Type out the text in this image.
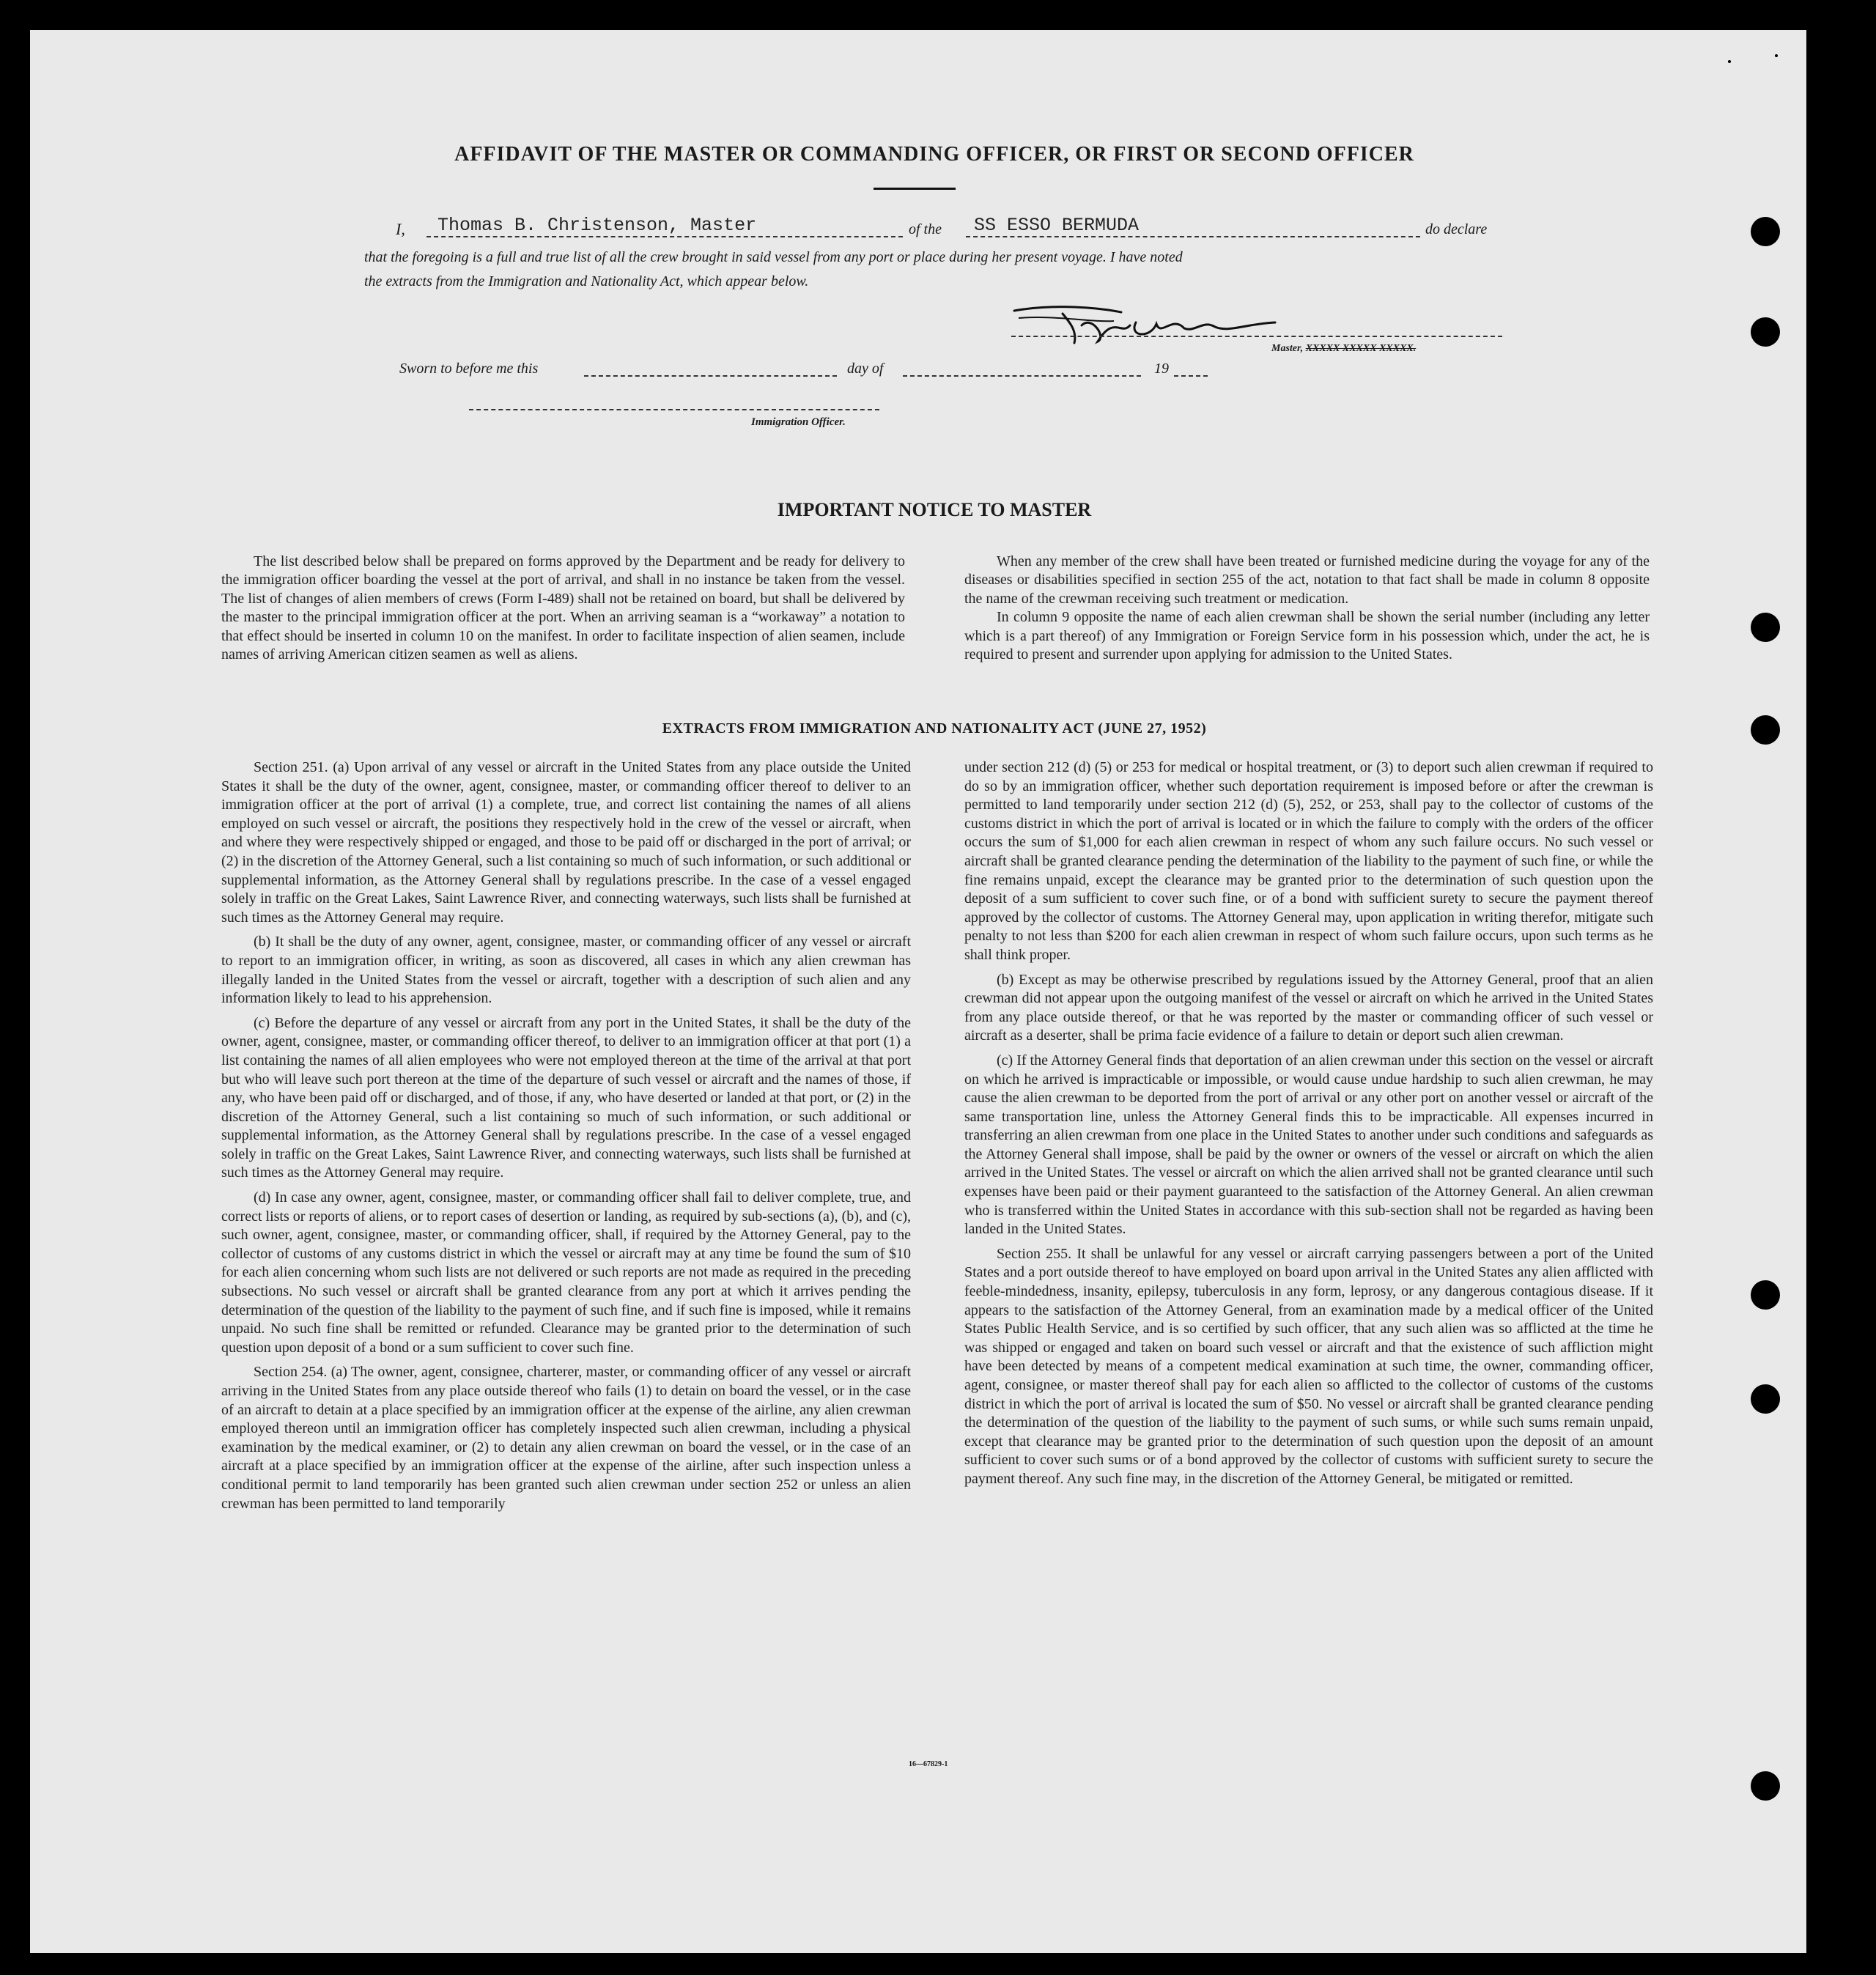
AFFIDAVIT OF THE MASTER OR COMMANDING OFFICER, OR FIRST OR SECOND OFFICER
I, Thomas B. Christenson, Master	of the SS ESSO BERMUDA	do declare
that the foregoing is a full and true list of all the crew brought in said vessel from any port or place during her present voyage. I have noted
the extracts from the Immigration and Nationality Act, which appear below.
Master, XXXXX XXXXX XXXXX.
Sworn to before me this	day of	19
Immigration Officer.
IMPORTANT NOTICE TO MASTER

The list described below shall be prepared on forms approved by the Department and be ready for delivery to the immigration officer boarding the vessel at the port of arrival, and shall in no instance be taken from the vessel. The list of changes of alien members of crews (Form I-489) shall not be retained on board, but shall be delivered by the master to the principal immigration officer at the port. When an arriving seaman is a “workaway” a notation to that effect should be inserted in column 10 on the manifest. In order to facilitate inspection of alien seamen, include names of arriving American citizen seamen as well as aliens.

When any member of the crew shall have been treated or furnished medicine during the voyage for any of the diseases or disabilities specified in section 255 of the act, notation to that fact shall be made in column 8 opposite the name of the crewman receiving such treatment or medication.

In column 9 opposite the name of each alien crewman shall be shown the serial number (including any letter which is a part thereof) of any Immigration or Foreign Service form in his possession which, under the act, he is required to present and surrender upon applying for admission to the United States.

EXTRACTS FROM IMMIGRATION AND NATIONALITY ACT (JUNE 27, 1952)

Section 251. (a) Upon arrival of any vessel or aircraft in the United States from any place outside the United States it shall be the duty of the owner, agent, consignee, master, or commanding officer thereof to deliver to an immigration officer at the port of arrival (1) a complete, true, and correct list containing the names of all aliens employed on such vessel or aircraft, the positions they respectively hold in the crew of the vessel or aircraft, when and where they were respectively shipped or engaged, and those to be paid off or discharged in the port of arrival; or (2) in the discretion of the Attorney General, such a list containing so much of such information, or such additional or supplemental information, as the Attorney General shall by regulations prescribe. In the case of a vessel engaged solely in traffic on the Great Lakes, Saint Lawrence River, and connecting waterways, such lists shall be furnished at such times as the Attorney General may require.

(b) It shall be the duty of any owner, agent, consignee, master, or commanding officer of any vessel or aircraft to report to an immigration officer, in writing, as soon as discovered, all cases in which any alien crewman has illegally landed in the United States from the vessel or aircraft, together with a description of such alien and any information likely to lead to his apprehension.

(c) Before the departure of any vessel or aircraft from any port in the United States, it shall be the duty of the owner, agent, consignee, master, or commanding officer thereof, to deliver to an immigration officer at that port (1) a list containing the names of all alien employees who were not employed thereon at the time of the arrival at that port but who will leave such port thereon at the time of the departure of such vessel or aircraft and the names of those, if any, who have been paid off or discharged, and of those, if any, who have deserted or landed at that port, or (2) in the discretion of the Attorney General, such a list containing so much of such information, or such additional or supplemental information, as the Attorney General shall by regulations prescribe. In the case of a vessel engaged solely in traffic on the Great Lakes, Saint Lawrence River, and connecting waterways, such lists shall be furnished at such times as the Attorney General may require.

(d) In case any owner, agent, consignee, master, or commanding officer shall fail to deliver complete, true, and correct lists or reports of aliens, or to report cases of desertion or landing, as required by sub-sections (a), (b), and (c), such owner, agent, consignee, master, or commanding officer, shall, if required by the Attorney General, pay to the collector of customs of any customs district in which the vessel or aircraft may at any time be found the sum of $10 for each alien concerning whom such lists are not delivered or such reports are not made as required in the preceding subsections. No such vessel or aircraft shall be granted clearance from any port at which it arrives pending the determination of the question of the liability to the payment of such fine, and if such fine is imposed, while it remains unpaid. No such fine shall be remitted or refunded. Clearance may be granted prior to the determination of such question upon deposit of a bond or a sum sufficient to cover such fine.

Section 254. (a) The owner, agent, consignee, charterer, master, or commanding officer of any vessel or aircraft arriving in the United States from any place outside thereof who fails (1) to detain on board the vessel, or in the case of an aircraft to detain at a place specified by an immigration officer at the expense of the airline, any alien crewman employed thereon until an immigration officer has completely inspected such alien crewman, including a physical examination by the medical examiner, or (2) to detain any alien crewman on board the vessel, or in the case of an aircraft at a place specified by an immigration officer at the expense of the airline, after such inspection unless a conditional permit to land temporarily has been granted such alien crewman under section 252 or unless an alien crewman has been permitted to land temporarily

under section 212 (d) (5) or 253 for medical or hospital treatment, or (3) to deport such alien crewman if required to do so by an immigration officer, whether such deportation requirement is imposed before or after the crewman is permitted to land temporarily under section 212 (d) (5), 252, or 253, shall pay to the collector of customs of the customs district in which the port of arrival is located or in which the failure to comply with the orders of the officer occurs the sum of $1,000 for each alien crewman in respect of whom any such failure occurs. No such vessel or aircraft shall be granted clearance pending the determination of the liability to the payment of such fine, or while the fine remains unpaid, except the clearance may be granted prior to the determination of such question upon the deposit of a sum sufficient to cover such fine, or of a bond with sufficient surety to secure the payment thereof approved by the collector of customs. The Attorney General may, upon application in writing therefor, mitigate such penalty to not less than $200 for each alien crewman in respect of whom such failure occurs, upon such terms as he shall think proper.

(b) Except as may be otherwise prescribed by regulations issued by the Attorney General, proof that an alien crewman did not appear upon the outgoing manifest of the vessel or aircraft on which he arrived in the United States from any place outside thereof, or that he was reported by the master or commanding officer of such vessel or aircraft as a deserter, shall be prima facie evidence of a failure to detain or deport such alien crewman.

(c) If the Attorney General finds that deportation of an alien crewman under this section on the vessel or aircraft on which he arrived is impracticable or impossible, or would cause undue hardship to such alien crewman, he may cause the alien crewman to be deported from the port of arrival or any other port on another vessel or aircraft of the same transportation line, unless the Attorney General finds this to be impracticable. All expenses incurred in transferring an alien crewman from one place in the United States to another under such conditions and safeguards as the Attorney General shall impose, shall be paid by the owner or owners of the vessel or aircraft on which the alien arrived in the United States. The vessel or aircraft on which the alien arrived shall not be granted clearance until such expenses have been paid or their payment guaranteed to the satisfaction of the Attorney General. An alien crewman who is transferred within the United States in accordance with this sub-section shall not be regarded as having been landed in the United States.

Section 255. It shall be unlawful for any vessel or aircraft carrying passengers between a port of the United States and a port outside thereof to have employed on board upon arrival in the United States any alien afflicted with feeble-mindedness, insanity, epilepsy, tuberculosis in any form, leprosy, or any dangerous contagious disease. If it appears to the satisfaction of the Attorney General, from an examination made by a medical officer of the United States Public Health Service, and is so certified by such officer, that any such alien was so afflicted at the time he was shipped or engaged and taken on board such vessel or aircraft and that the existence of such affliction might have been detected by means of a competent medical examination at such time, the owner, commanding officer, agent, consignee, or master thereof shall pay for each alien so afflicted to the collector of customs of the customs district in which the port of arrival is located the sum of $50. No vessel or aircraft shall be granted clearance pending the determination of the question of the liability to the payment of such sums, or while such sums remain unpaid, except that clearance may be granted prior to the determination of such question upon the deposit of an amount sufficient to cover such sums or of a bond approved by the collector of customs with sufficient surety to secure the payment thereof. Any such fine may, in the discretion of the Attorney General, be mitigated or remitted.

16—67829-1
